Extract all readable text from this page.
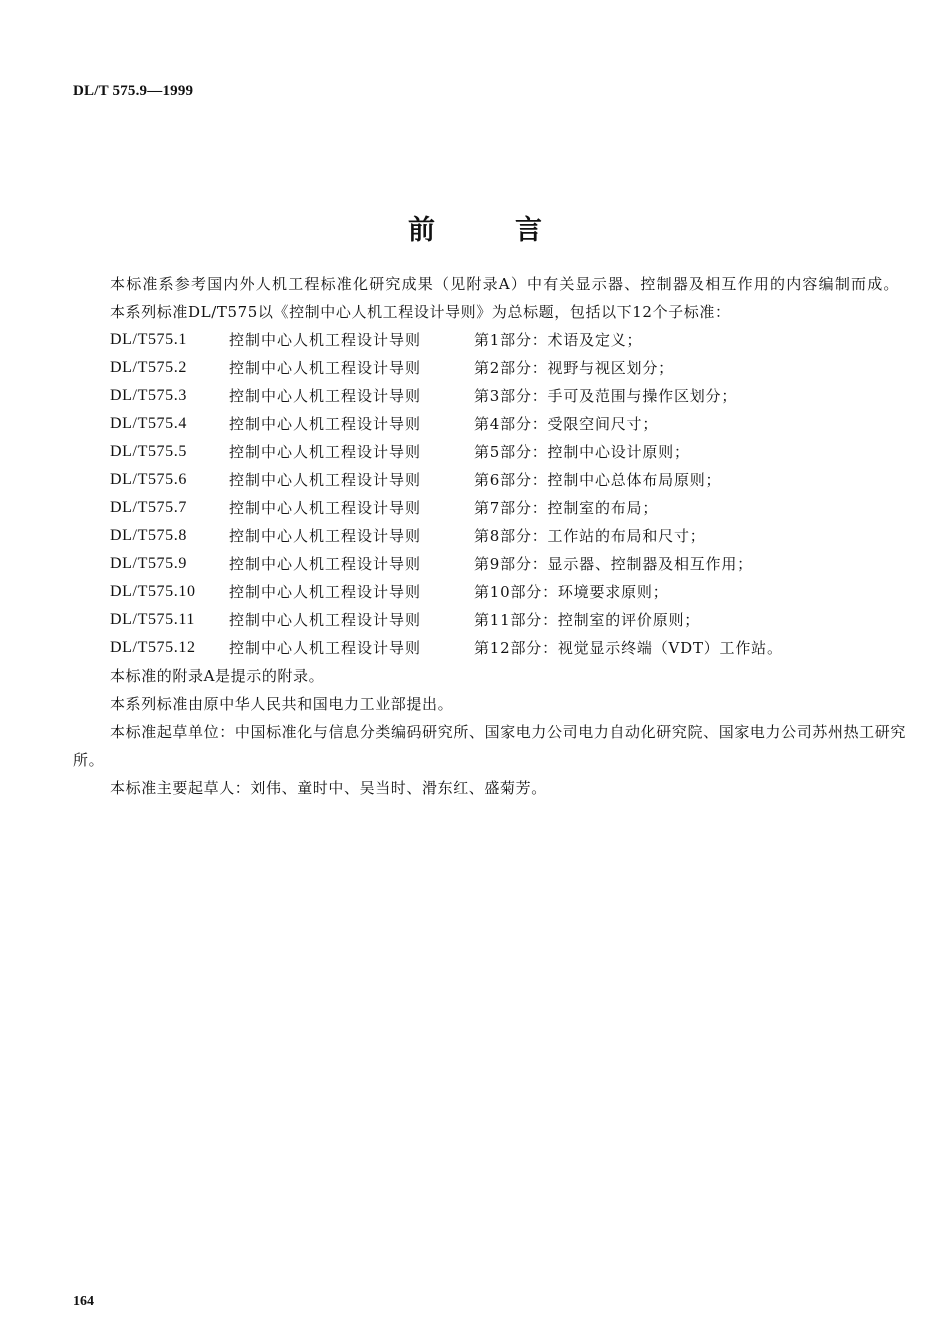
DL/T 575.9—1999
前	言

本标准系参考国内外人机工程标准化研究成果（见附录A）中有关显示器、控制器及相互作用的内容编制而成。

本系列标准DL/T575以《控制中心人机工程设计导则》为总标题，包括以下12个子标准：

DL/T575.1	控制中心人机工程设计导则	第1部分：术语及定义；
DL/T575.2	控制中心人机工程设计导则	第2部分：视野与视区划分；
DL/T575.3	控制中心人机工程设计导则	第3部分：手可及范围与操作区划分；
DL/T575.4	控制中心人机工程设计导则	第4部分：受限空间尺寸；
DL/T575.5	控制中心人机工程设计导则	第5部分：控制中心设计原则；
DL/T575.6	控制中心人机工程设计导则	第6部分：控制中心总体布局原则；
DL/T575.7	控制中心人机工程设计导则	第7部分：控制室的布局；
DL/T575.8	控制中心人机工程设计导则	第8部分：工作站的布局和尺寸；
DL/T575.9	控制中心人机工程设计导则	第9部分：显示器、控制器及相互作用；
DL/T575.10	控制中心人机工程设计导则	第10部分：环境要求原则；
DL/T575.11	控制中心人机工程设计导则	第11部分：控制室的评价原则；
DL/T575.12	控制中心人机工程设计导则	第12部分：视觉显示终端（VDT）工作站。

本标准的附录A是提示的附录。

本系列标准由原中华人民共和国电力工业部提出。

本标准起草单位：中国标准化与信息分类编码研究所、国家电力公司电力自动化研究院、国家电力公司苏州热工研究所。

本标准主要起草人：刘伟、童时中、吴当时、滑东红、盛菊芳。

164
